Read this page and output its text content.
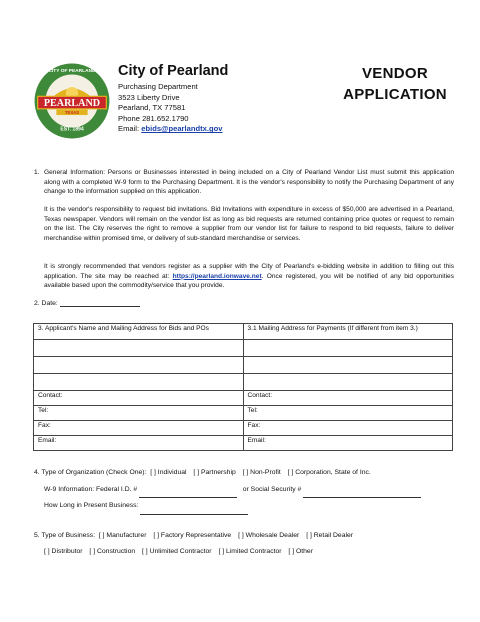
PEARLAND
TEXAS
EST. 1894
CITY OF PEARLAND City of Pearland
Purchasing Department
3523 Liberty Drive
Pearland, TX 77581
Phone 281.652.1790
Email: ebids@pearlandtx.gov
VENDOR
APPLICATION
1. General Information: Persons or Businesses interested in being included on a City of Pearland Vendor List must submit this application along with a completed W-9 form to the Purchasing Department. It is the vendor's responsibility to notify the Purchasing Department of any change to the information supplied on this application.
It is the vendor's responsibility to request bid invitations. Bid Invitations with expenditure in excess of $50,000 are advertised in a Pearland, Texas newspaper. Vendors will remain on the vendor list as long as bid requests are returned containing price quotes or request to remain on the list. The City reserves the right to remove a supplier from our vendor list for failure to respond to bid requests, failure to deliver merchandise within promised time, or delivery of sub-standard merchandise or services.
It is strongly recommended that vendors register as a supplier with the City of Pearland's e-bidding website in addition to filling out this application. The site may be reached at: https://pearland.ionwave.net. Once registered, you will be notified of any bid opportunities available based upon the commodity/service that you provide.
2. Date:
3. Applicant's Name and Mailing Address for Bids and POs	3.1 Mailing Address for Payments (If different from item 3.)

Contact:	Contact:
Tel:	Tel:
Fax:	Fax:
Email:	Email:
4. Type of Organization (Check One): [ ] Individual [ ] Partnership [ ] Non-Profit [ ] Corporation, State of Inc.
W-9 Information: Federal I.D. #	or Social Security #
How Long in Present Business:
5. Type of Business: [ ] Manufacturer [ ] Factory Representative [ ] Wholesale Dealer [ ] Retail Dealer
[ ] Distributor [ ] Construction [ ] Unlimited Contractor [ ] Limited Contractor [ ] Other
